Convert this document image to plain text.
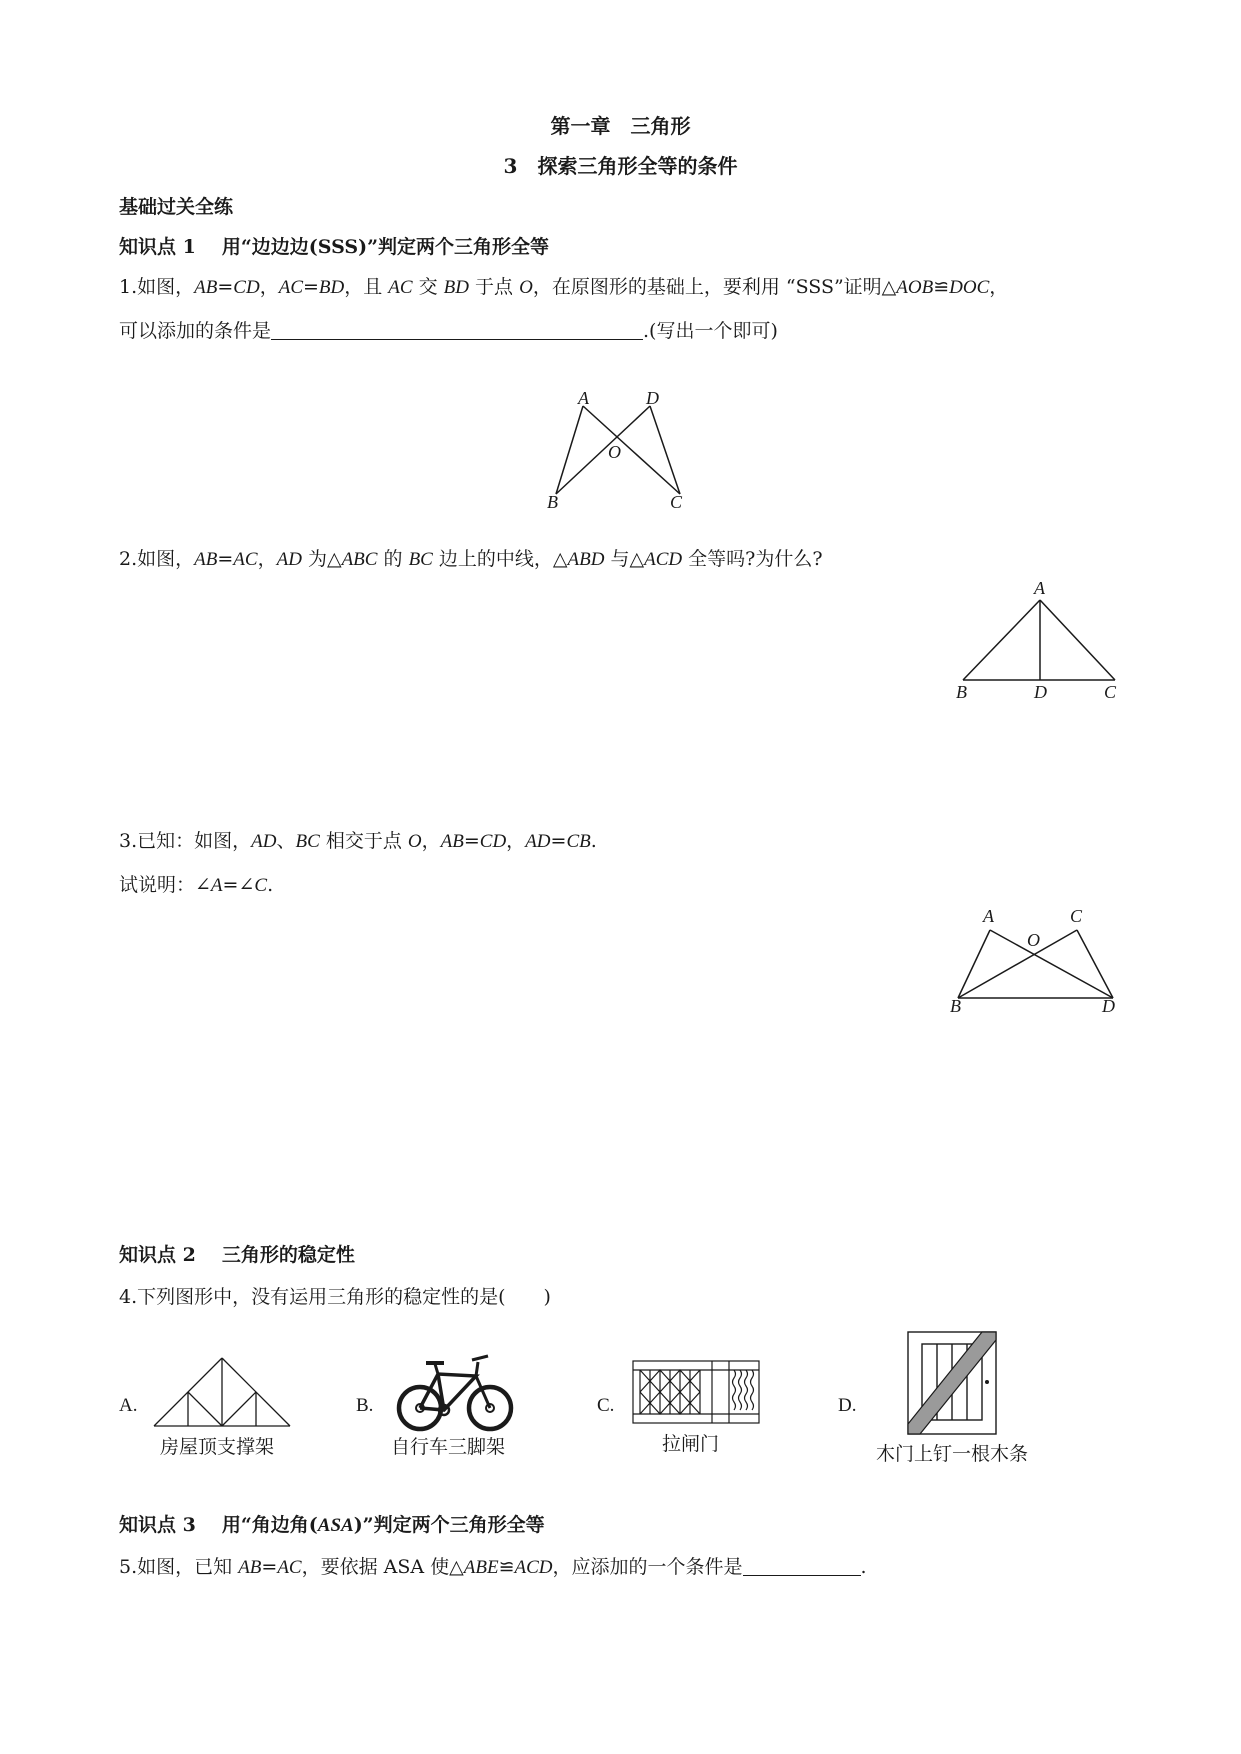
第一章　三角形
3　探索三角形全等的条件
基础过关全练
知识点 1 用“边边边(SSS)”判定两个三角形全等
1.如图，AB=CD，AC=BD，且 AC 交 BD 于点 O，在原图形的基础上，要利用 “SSS”证明△AOB≌DOC，
可以添加的条件是	.(写出一个即可)
A	D
O
B	C
2.如图，AB=AC，AD 为△ABC 的 BC 边上的中线，△ABD 与△ACD 全等吗?为什么?
A
B	D	C
3.已知：如图，AD、BC 相交于点 O，AB=CD，AD=CB.
试说明：∠A=∠C.
A	C
O
B	D
知识点 2 三角形的稳定性
4.下列图形中，没有运用三角形的稳定性的是(　　)
A.
房屋顶支撑架
B.
自行车三脚架
C.
拉闸门
D.
木门上钉一根木条
知识点 3 用“角边角(ASA)”判定两个三角形全等
5.如图，已知 AB=AC，要依据 ASA 使△ABE≌ACD，应添加的一个条件是	.
